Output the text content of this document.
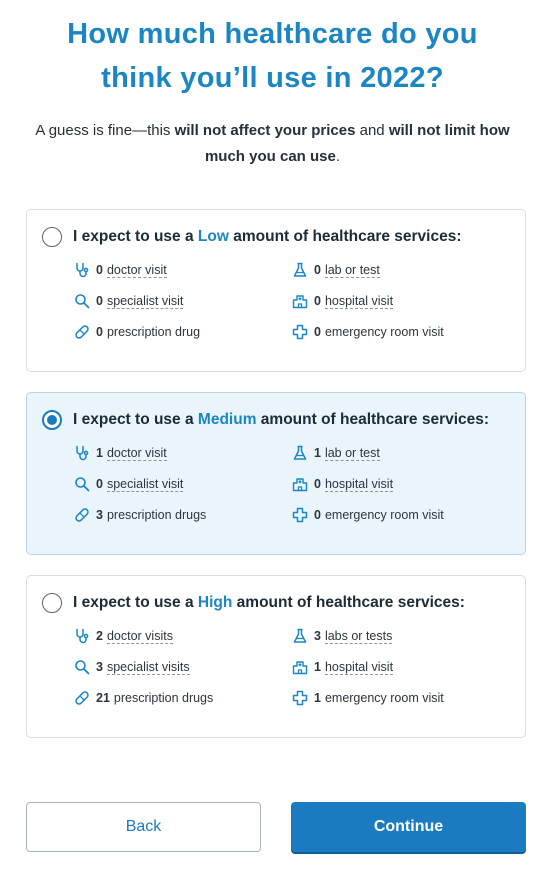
How much healthcare do you
think you’ll use in 2022?
A guess is fine—this will not affect your prices and will not limit how much you can use.
I expect to use a Low amount of healthcare services:
0 doctor visit	0 lab or test
0 specialist visit	0 hospital visit
0 prescription drug	0 emergency room visit
I expect to use a Medium amount of healthcare services:
1 doctor visit	1 lab or test
0 specialist visit	0 hospital visit
3 prescription drugs	0 emergency room visit
I expect to use a High amount of healthcare services:
2 doctor visits	3 labs or tests
3 specialist visits	1 hospital visit
21 prescription drugs	1 emergency room visit
Back	Continue
